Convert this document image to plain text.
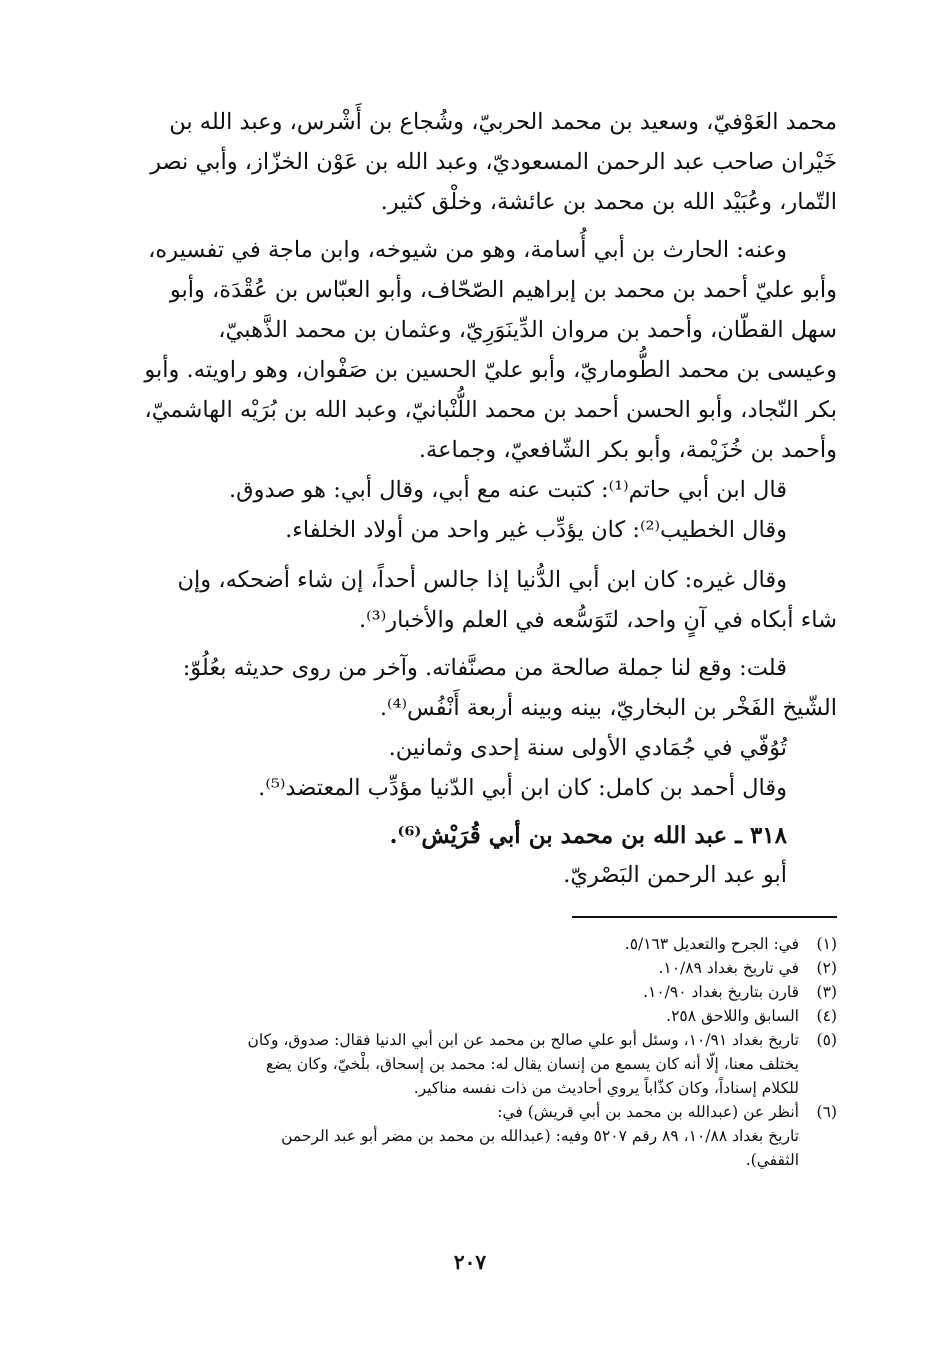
محمد العَوْفيّ، وسعيد بن محمد الحربيّ، وشُجاع بن أَشْرس، وعبد الله بن
خَيْران صاحب عبد الرحمن المسعوديّ، وعبد الله بن عَوْن الخزّاز، وأبي نصر
التّمار، وعُبَيْد الله بن محمد بن عائشة، وخلْق كثير.
وعنه: الحارث بن أبي أُسامة، وهو من شيوخه، وابن ماجة في تفسيره،
وأبو عليّ أحمد بن محمد بن إبراهيم الصّحّاف، وأبو العبّاس بن عُقْدَة، وأبو
سهل القطّان، وأحمد بن مروان الدِّينَوَرِيّ، وعثمان بن محمد الذَّهبيّ،
وعيسى بن محمد الطُّوماريّ، وأبو عليّ الحسين بن صَفْوان، وهو راويته. وأبو
بكر النّجاد، وأبو الحسن أحمد بن محمد اللُّنْبانيّ، وعبد الله بن بُرَيْه الهاشميّ،
وأحمد بن خُزَيْمة، وأبو بكر الشّافعيّ، وجماعة.
قال ابن أبي حاتم⁽¹⁾: كتبت عنه مع أبي، وقال أبي: هو صدوق.
وقال الخطيب⁽²⁾: كان يؤدِّب غير واحد من أولاد الخلفاء.
وقال غيره: كان ابن أبي الدُّنيا إذا جالس أحداً، إن شاء أضحكه، وإن
شاء أبكاه في آنٍ واحد، لتَوَسُّعه في العلم والأخبار⁽³⁾.
قلت: وقع لنا جملة صالحة من مصنَّفاته. وآخر من روى حديثه بعُلُوّ:
الشّيخ الفَخْر بن البخاريّ، بينه وبينه أربعة أَنْفُس⁽⁴⁾.
تُوُفّي في جُمَادي الأولى سنة إحدى وثمانين.
وقال أحمد بن كامل: كان ابن أبي الدّنيا مؤدِّب المعتضد⁽⁵⁾.
٣١٨ ـ عبد الله بن محمد بن أبي قُرَيْش⁽⁶⁾.
أبو عبد الرحمن البَصْريّ.
(١)
في: الجرح والتعديل ٥/١٦٣.
(٢)
في تاريخ بغداد ١٠/٨٩.
(٣)
قارن بتاريخ بغداد ١٠/٩٠.
(٤)
السابق واللاحق ٢٥٨.
(٥)
تاريخ بغداد ١٠/٩١، وسئل أبو علي صالح بن محمد عن ابن أبي الدنيا فقال: صدوق، وكان
يختلف معنا، إلّا أنه كان يسمع من إنسان يقال له: محمد بن إسحاق، بلْخيّ، وكان يضع
للكلام إسناداً، وكان كذّاباً يروي أحاديث من ذات نفسه مناكير.
(٦)
أنظر عن (عبدالله بن محمد بن أبي قريش) في:
تاريخ بغداد ١٠/٨٨، ٨٩ رقم ٥٢٠٧ وفيه: (عبدالله بن محمد بن مضر أبو عبد الرحمن
الثقفي).
٢٠٧
